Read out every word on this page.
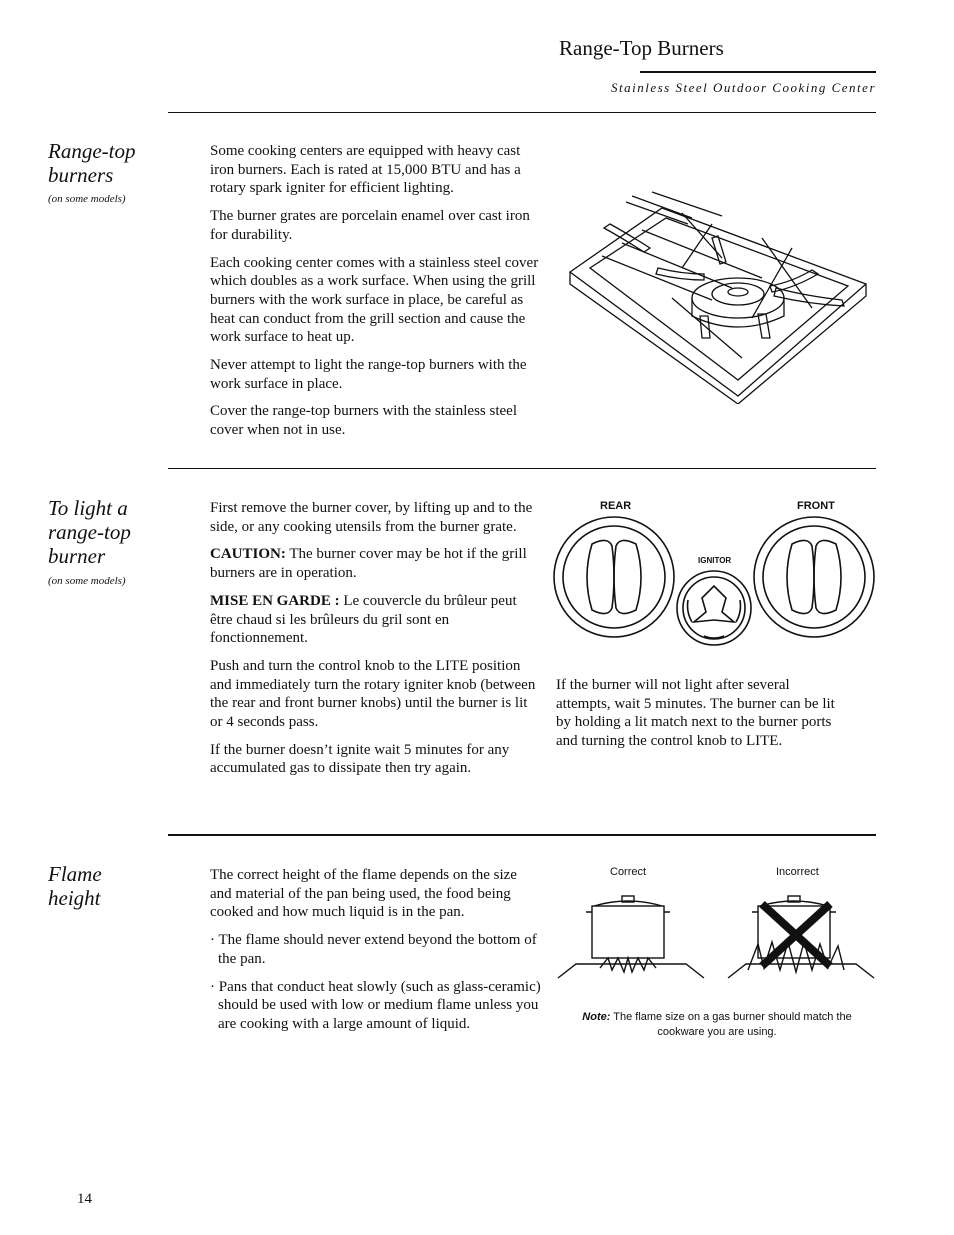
Range-Top Burners
Stainless Steel Outdoor Cooking Center
Range-top burners
(on some models)

Some cooking centers are equipped with heavy cast iron burners. Each is rated at 15,000 BTU and has a rotary spark igniter for efficient lighting.

The burner grates are porcelain enamel over cast iron for durability.

Each cooking center comes with a stainless steel cover which doubles as a work surface. When using the grill burners with the work surface in place, be careful as heat can conduct from the grill section and cause the work surface to heat up.

Never attempt to light the range-top burners with the work surface in place.

Cover the range-top burners with the stainless steel cover when not in use.

To light a range-top burner
(on some models)

First remove the burner cover, by lifting up and to the side, or any cooking utensils from the burner grate.

CAUTION: The burner cover may be hot if the grill burners are in operation.

MISE EN GARDE : Le couvercle du brûleur peut être chaud si les brûleurs du gril sont en fonctionnement.

Push and turn the control knob to the LITE position and immediately turn the rotary igniter knob (between the rear and front burner knobs) until the burner is lit or 4 seconds pass.

If the burner doesn’t ignite wait 5 minutes for any accumulated gas to dissipate then try again.

REAR
IGNITOR
FRONT
If the burner will not light after several attempts, wait 5 minutes. The burner can be lit by holding a lit match next to the burner ports and turning the control knob to LITE.
Flame height

The correct height of the flame depends on the size and material of the pan being used, the food being cooked and how much liquid is in the pan.

· The flame should never extend beyond the bottom of the pan.

· Pans that conduct heat slowly (such as glass-ceramic) should be used with low or medium flame unless you are cooking with a large amount of liquid.

Correct	Incorrect
Note: The flame size on a gas burner should match the cookware you are using.
14
